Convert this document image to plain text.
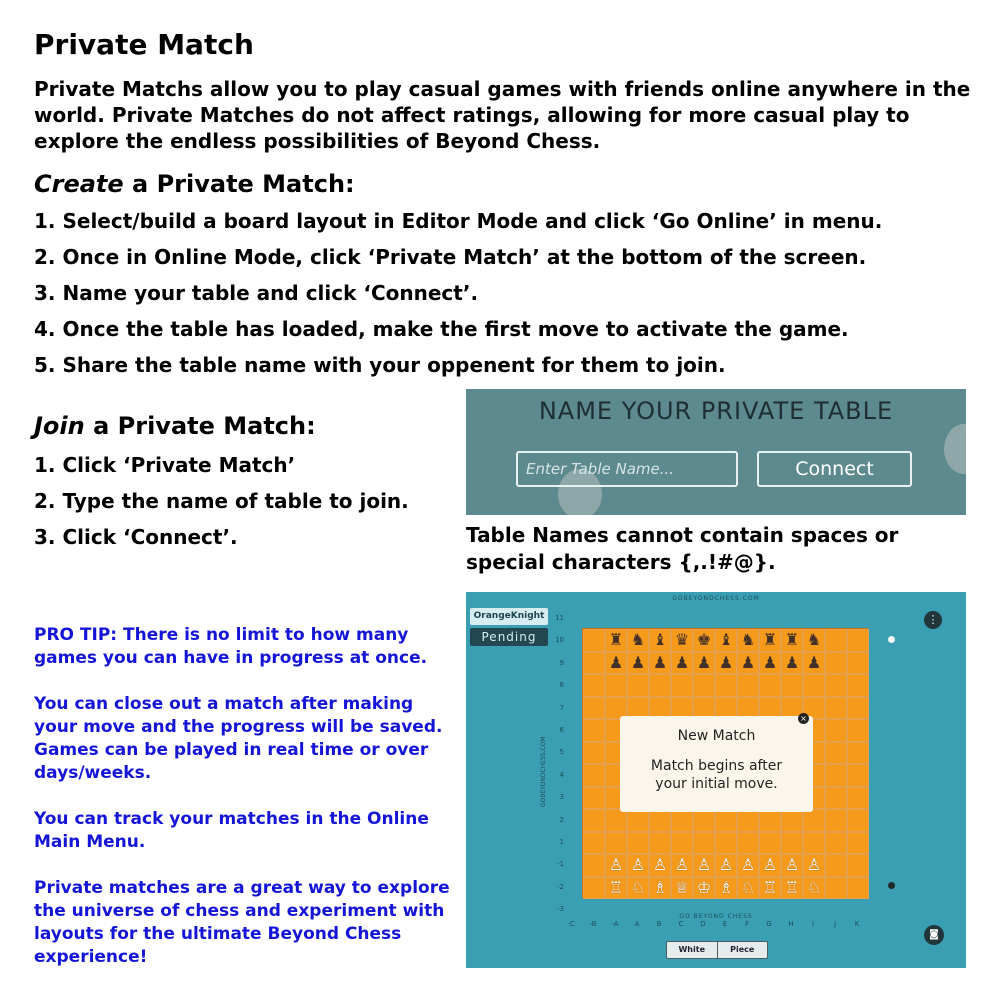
Private Match
Private Matchs allow you to play casual games with friends online anywhere in the world. Private Matches do not affect ratings, allowing for more casual play to explore the endless possibilities of Beyond Chess.
Create a Private Match:
1. Select/build a board layout in Editor Mode and click ‘Go Online’ in menu.
2. Once in Online Mode, click ‘Private Match’ at the bottom of the screen.
3. Name your table and click ‘Connect’.
4. Once the table has loaded, make the first move to activate the game.
5. Share the table name with your oppenent for them to join.
Join a Private Match:
1. Click ‘Private Match’
2. Type the name of table to join.
3. Click ‘Connect’.
NAME YOUR PRIVATE TABLE
Enter Table Name...
Connect
Table Names cannot contain spaces or special characters {,.!#@}.

PRO TIP: There is no limit to how many games you can have in progress at once.

You can close out a match after making your move and the progress will be saved. Games can be played in real time or over days/weeks.

You can track your matches in the Online Main Menu.

Private matches are a great way to explore the universe of chess and experiment with layouts for the ultimate Beyond Chess experience!

GOBEYONDCHESS.COM
GOBEYONDCHESS.COM
GO BEYOND CHESS
OrangeKnight
Pending
⋮
◙
11
10
9
8
7
6
5
4
3
2
1
-1
-2
-3
-C	-B	-A	A	B	C	D	E	F	G	H	I	J	K
♜
♟
♙
♖
♞
♟
♙
♘
♝
♟
♙
♗
♛
♟
♙
♕
♚
♟
♙
♔
♝
♟
♙
♗
♞
♟
♙
♘
♜
♟
♙
♖
♜
♟
♙
♖
♞
♟
♙
♘
×
New Match
Match begins after your initial move.
White	Piece
